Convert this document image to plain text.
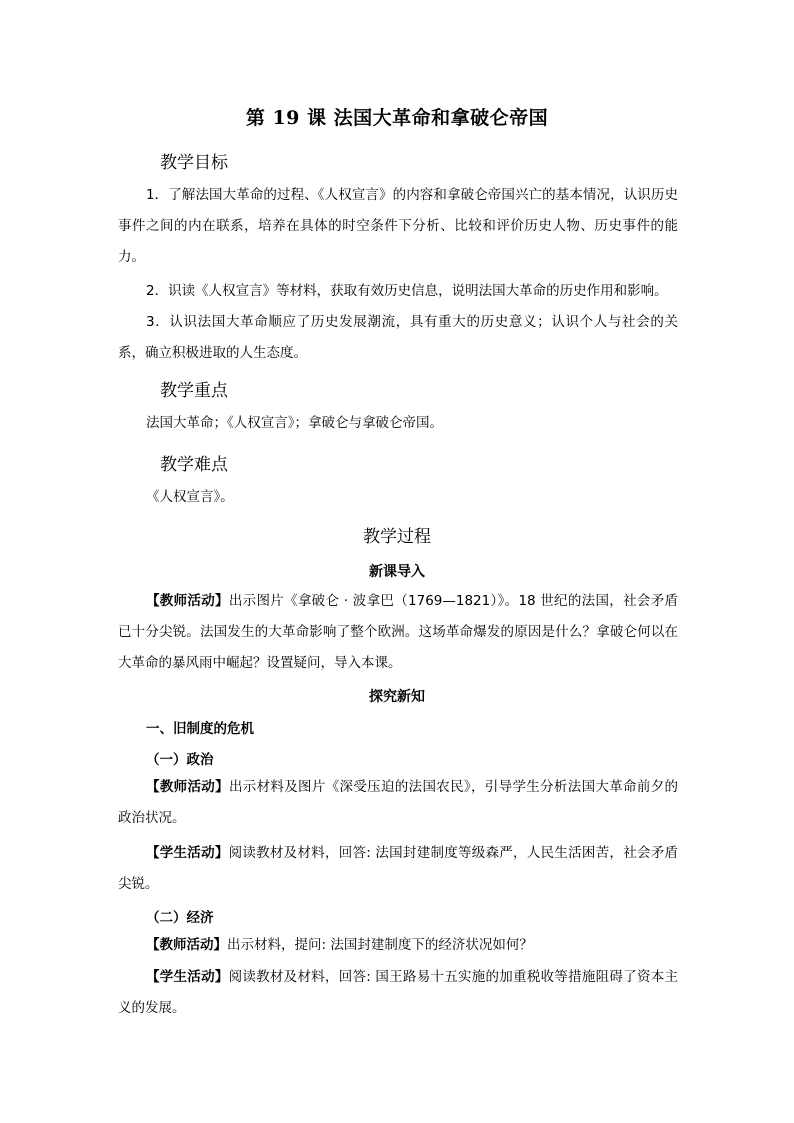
第 19 课 法国大革命和拿破仑帝国
教学目标

1．了解法国大革命的过程、《人权宣言》的内容和拿破仑帝国兴亡的基本情况，认识历史事件之间的内在联系，培养在具体的时空条件下分析、比较和评价历史人物、历史事件的能力。

2．识读《人权宣言》等材料，获取有效历史信息，说明法国大革命的历史作用和影响。

3．认识法国大革命顺应了历史发展潮流，具有重大的历史意义；认识个人与社会的关系，确立积极进取的人生态度。

教学重点

法国大革命；《人权宣言》；拿破仑与拿破仑帝国。

教学难点

《人权宣言》。

教学过程
新课导入

【教师活动】出示图片《拿破仑 · 波拿巴（1769—1821）》。18 世纪的法国，社会矛盾已十分尖锐。法国发生的大革命影响了整个欧洲。这场革命爆发的原因是什么？拿破仑何以在大革命的暴风雨中崛起？设置疑问，导入本课。

探究新知
一、旧制度的危机
（一）政治

【教师活动】出示材料及图片《深受压迫的法国农民》，引导学生分析法国大革命前夕的政治状况。

【学生活动】阅读教材及材料，回答: 法国封建制度等级森严，人民生活困苦，社会矛盾尖锐。

（二）经济

【教师活动】出示材料，提问: 法国封建制度下的经济状况如何？

【学生活动】阅读教材及材料，回答: 国王路易十五实施的加重税收等措施阻碍了资本主义的发展。
